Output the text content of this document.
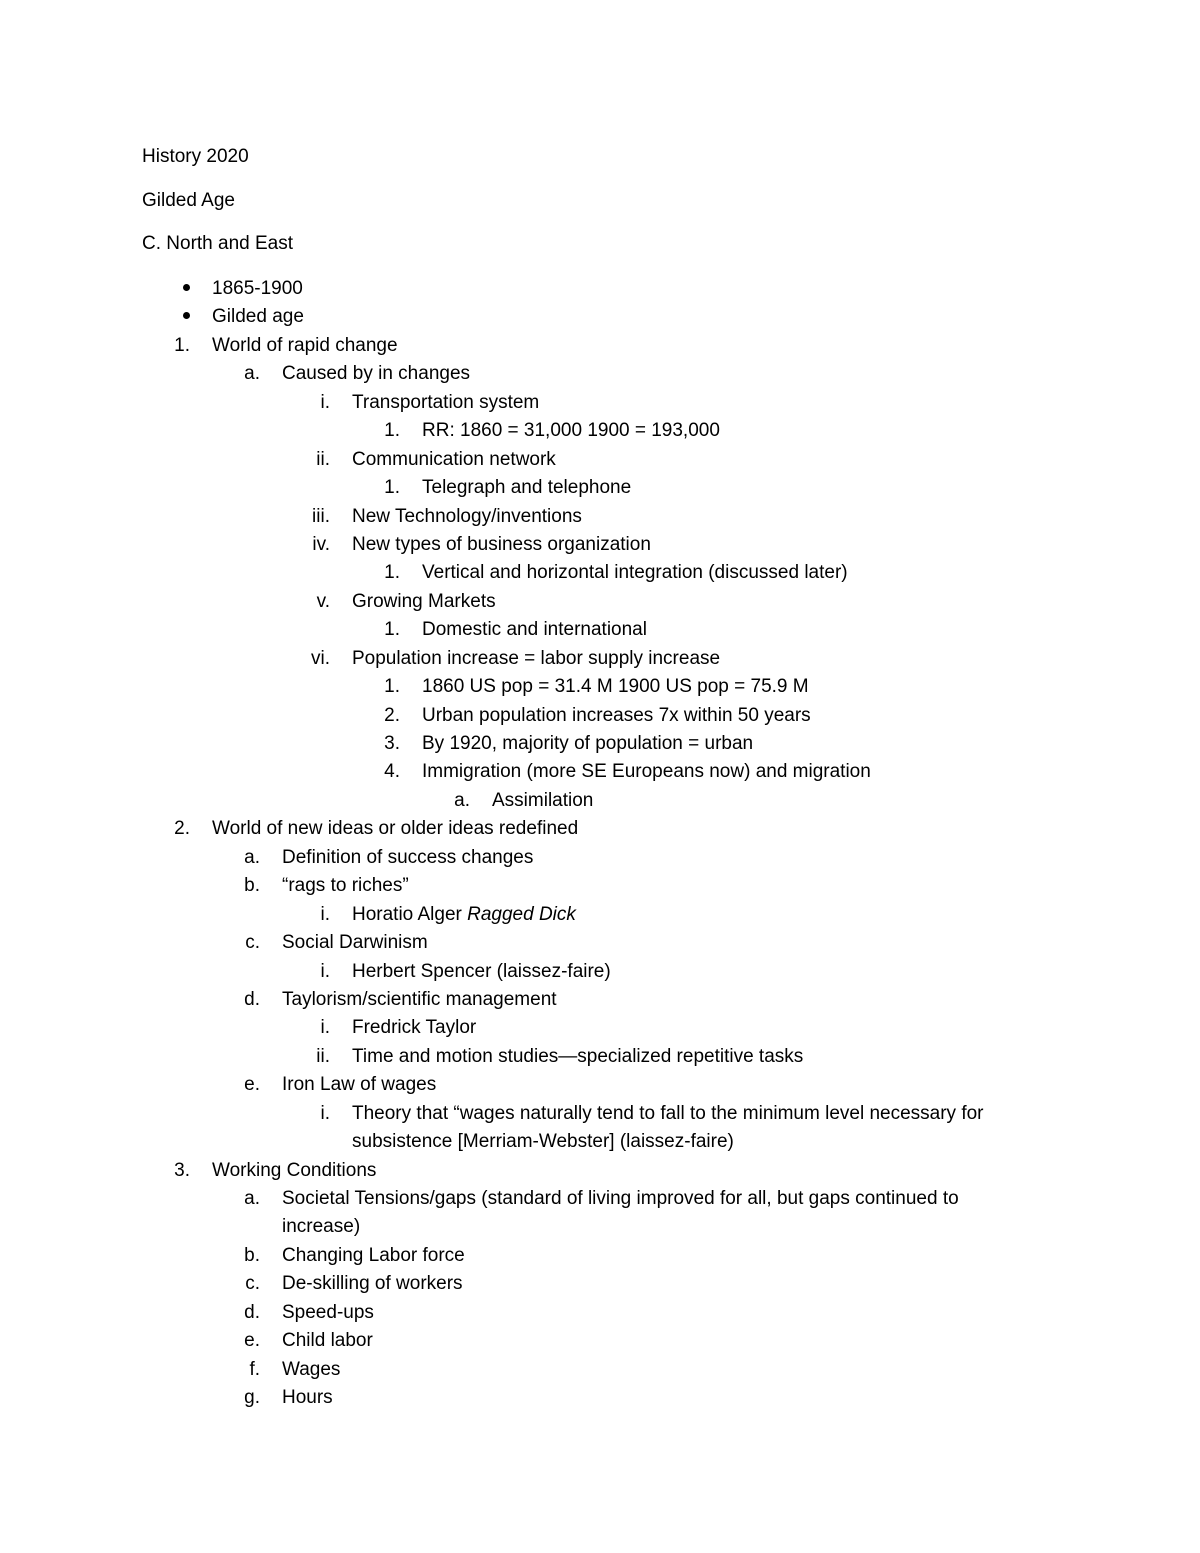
History 2020
Gilded Age
C. North and East
1865-1900
Gilded age
1. World of rapid change
a. Caused by in changes
i. Transportation system
1. RR: 1860 = 31,000 1900 = 193,000
ii. Communication network
1. Telegraph and telephone
iii. New Technology/inventions
iv. New types of business organization
1. Vertical and horizontal integration (discussed later)
v. Growing Markets
1. Domestic and international
vi. Population increase = labor supply increase
1. 1860 US pop = 31.4 M 1900 US pop = 75.9 M
2. Urban population increases 7x within 50 years
3. By 1920, majority of population = urban
4. Immigration (more SE Europeans now) and migration
a. Assimilation
2. World of new ideas or older ideas redefined
a. Definition of success changes
b. “rags to riches”
i. Horatio Alger Ragged Dick
c. Social Darwinism
i. Herbert Spencer (laissez-faire)
d. Taylorism/scientific management
i. Fredrick Taylor
ii. Time and motion studies—specialized repetitive tasks
e. Iron Law of wages
i. Theory that “wages naturally tend to fall to the minimum level necessary for subsistence [Merriam-Webster] (laissez-faire)
3. Working Conditions
a. Societal Tensions/gaps (standard of living improved for all, but gaps continued to increase)
b. Changing Labor force
c. De-skilling of workers
d. Speed-ups
e. Child labor
f. Wages
g. Hours
